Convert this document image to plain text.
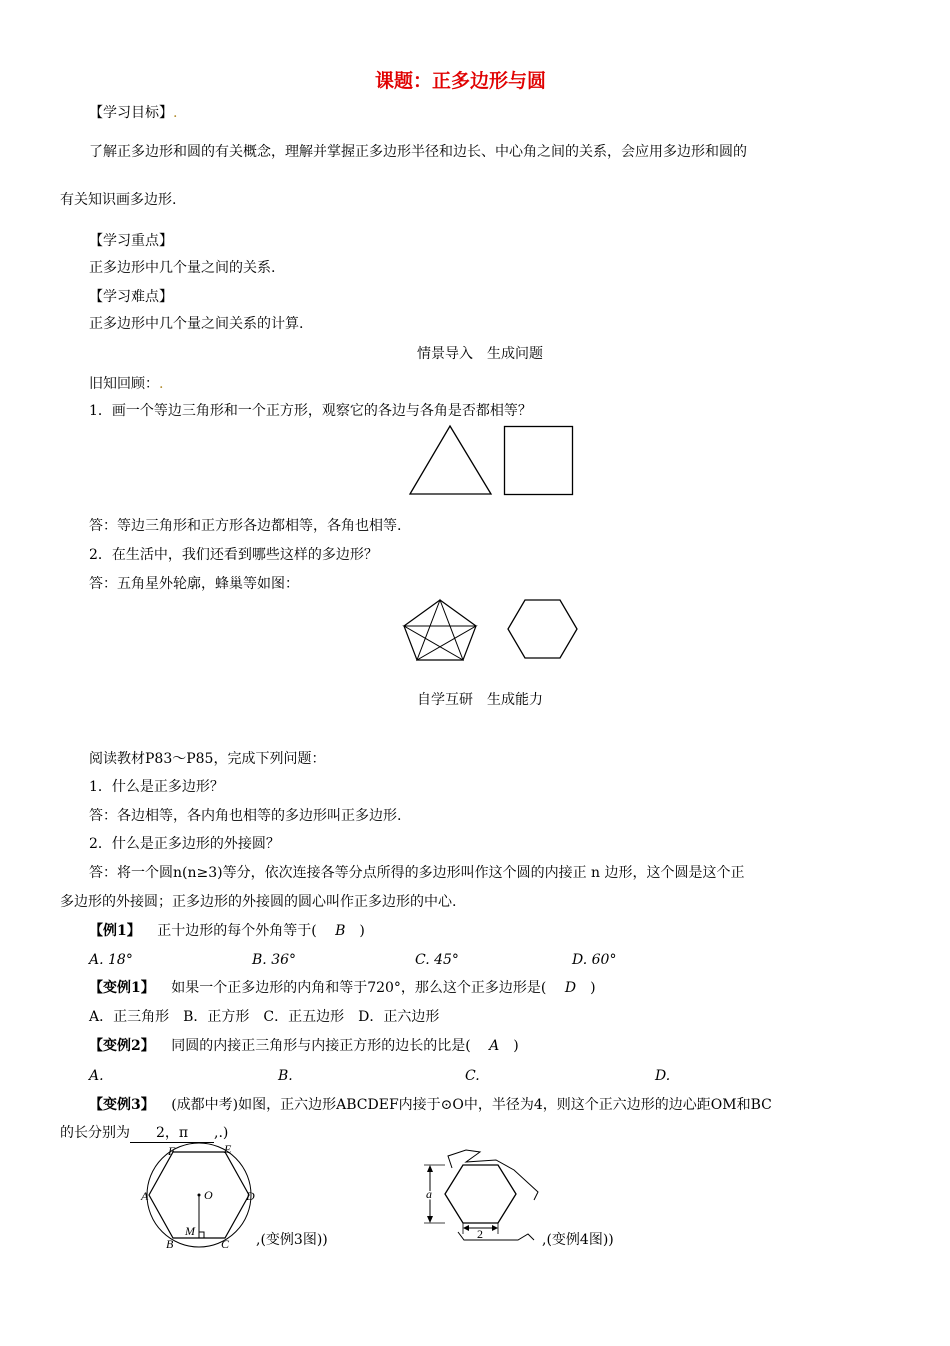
课题：正多边形与圆
【学习目标】.
了解正多边形和圆的有关概念，理解并掌握正多边形半径和边长、中心角之间的关系，会应用多边形和圆的
有关知识画多边形.
【学习重点】
正多边形中几个量之间的关系.
【学习难点】
正多边形中几个量之间关系的计算.
情景导入　生成问题
旧知回顾：.
1．画一个等边三角形和一个正方形，观察它的各边与各角是否都相等？
答：等边三角形和正方形各边都相等，各角也相等.
2．在生活中，我们还看到哪些这样的多边形？
答：五角星外轮廓，蜂巢等如图：
自学互研　生成能力
阅读教材P83～P85，完成下列问题：
1．什么是正多边形？
答：各边相等，各内角也相等的多边形叫正多边形.
2．什么是正多边形的外接圆？
答：将一个圆n(n≥3)等分，依次连接各等分点所得的多边形叫作这个圆的内接正 n 边形，这个圆是这个正
多边形的外接圆；正多边形的外接圆的圆心叫作正多边形的中心.
【例1】 正十边形的每个外角等于( B )
A. 18°	B. 36°	C. 45°	D. 60°
【变例1】 如果一个正多边形的内角和等于720°，那么这个正多边形是( D )
A．正三角形　B．正方形　C．正五边形　D．正六边形
【变例2】 同圆的内接正三角形与内接正方形的边长的比是( A )
A.	B.	C.	D.
【变例3】 (成都中考)如图，正六边形ABCDEF内接于⊙O中，半径为4，则这个正六边形的边心距OM和BC
的长分别为 2，π ,.)
F	E
A	O	D
M
B	C ,(变例3图))
a
2	,(变例4图))
